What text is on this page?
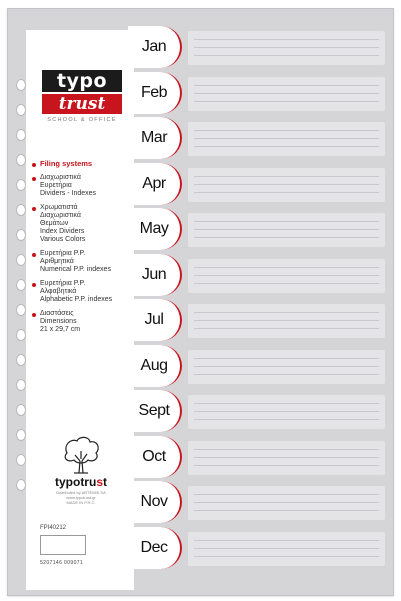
typo
trust
SCHOOL & OFFICE
Filing systems
Διαχωριστικά
Ευρετήρια
Dividers - Indexes
Χρωματιστά
Διαχωριστικά
Θεμάτων
Index Dividers
Various Colors
Ευρετήρια P.P.
Αριθμητικά
Numerical P.P. indexes
Ευρετήρια P.P.
Αλφαβητικά
Alphabetic P.P. indexes
Διαστάσεις
Dimensions
21 x 29,7 cm
typotrust
Distributed by ARTEMIS SA
www.typotrust.gr
MADE IN P.R.C.
FPI40212
5207146 009071
Jan
Feb
Mar
Apr
May
Jun
Jul
Aug
Sept
Oct
Nov
Dec
